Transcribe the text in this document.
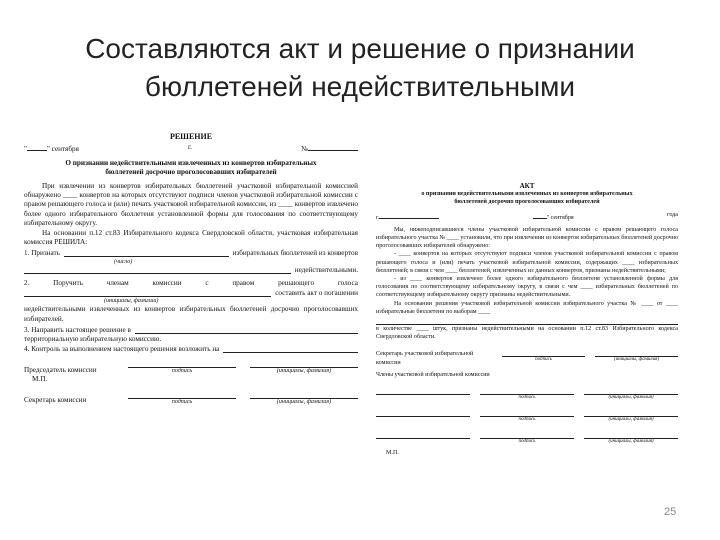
Составляются акт и решение о признании
бюллетеней недействительными
РЕШЕНИЕ
"	" сентября	г.	№
О признании недействительными извлеченных из конвертов избирательных
бюллетеней досрочно проголосовавших избирателей
При извлечении из конвертов избирательных бюллетеней участковой избирательной комиссией обнаружено ____ конвертов на которых отсутствуют подписи членов участковой избирательной комиссии с правом решающего голоса и (или) печать участковой избирательной комиссии, из ____ конвертов извлечено более одного избирательного бюллетеня установленной формы для голосования по соответствующему избирательному округу.
На основании п.12 ст.83 Избирательного кодекса Свердловской области, участковая избирательная комиссия РЕШИЛА:
1. Признать	избирательных бюллетеней из конвертов
(число)
недействительными.
2.	Поручить	членам	комиссии	с	правом	решающего	голоса
составить акт о погашении
(инициалы, фамилии)
недействительными извлеченных из конвертов избирательных бюллетеней досрочно проголосовавших избирателей.
3. Направить настоящее решение в
территориальную избирательную комиссию.
4. Контроль за выполнением настоящего решения возложить на
Председатель комиссии	подпись	(инициалы, фамилия)
М.П.
Секретарь комиссии	подпись	(инициалы, фамилия)
АКТ
о признании недействительными извлеченных из конвертов избирательных
бюллетеней досрочно проголосовавших избирателей
г.	" сентября	года
Мы, нижеподписавшиеся члены участковой избирательной комиссии с правом решающего голоса избирательного участка № ____ установили, что при извлечении из конвертов избирательных бюллетеней досрочно проголосовавших избирателей обнаружено:
- ____ конвертов на которых отсутствуют подписи членов участковой избирательной комиссии с правом решающего голоса и (или) печать участковой избирательной комиссии, содержащих ____ избирательных бюллетеней; в связи с чем ____ бюллетеней, извлеченных из данных конвертов, признаны недействительными;
- из ____ конвертов извлечено более одного избирательного бюллетеня установленной формы для голосования по соответствующему избирательному округу, в связи с чем ____ избирательных бюллетеней по соответствующему избирательному округу признаны недействительными.
На основании решения участковой избирательной комиссии избирательного участка № ____ от ____ избирательные бюллетени по выборам ____
в количестве ____ штук, признаны недействительными на основании п.12 ст.83 Избирательного кодекса Свердловской области.
Секретарь участковой избирательной комиссии	подпись	(инициалы, фамилия)
Члены участковой избирательной комиссии
подпись	(инициалы, фамилия)
подпись	(инициалы, фамилия)
подпись	(инициалы, фамилия)
М.П.
25
